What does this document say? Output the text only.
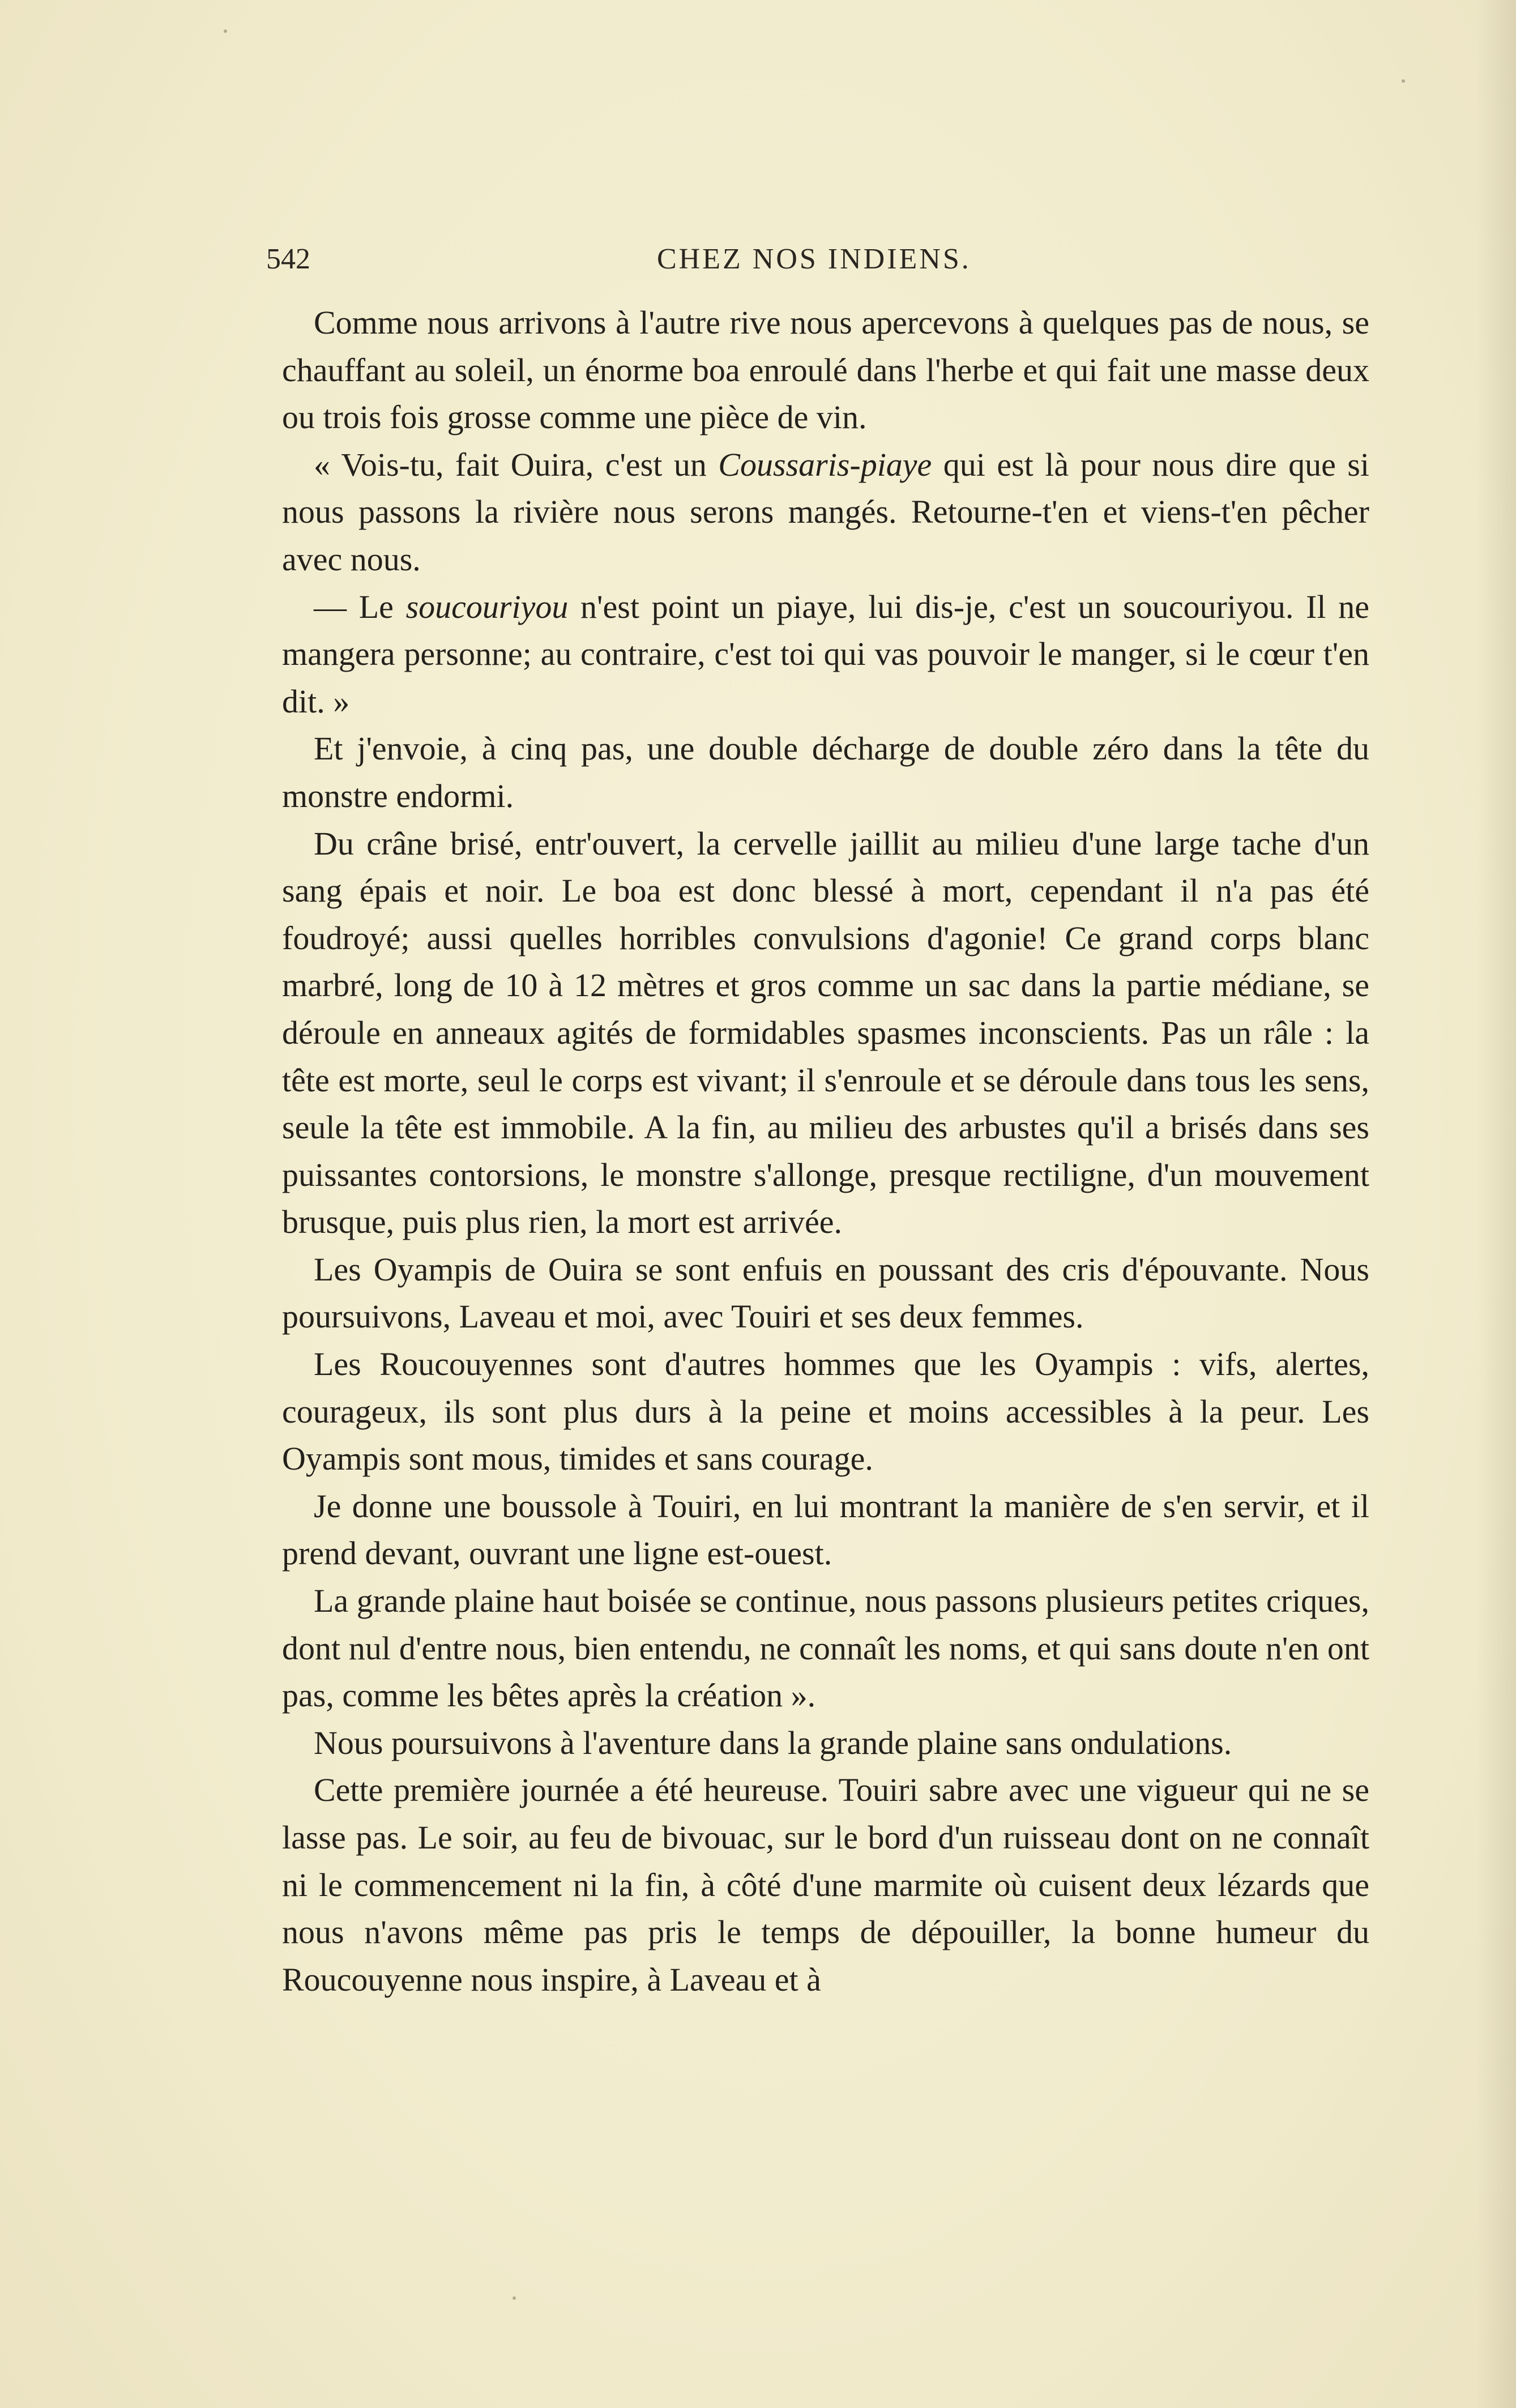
542	CHEZ NOS INDIENS.

Comme nous arrivons à l'autre rive nous apercevons à quelques pas de nous, se chauffant au soleil, un énorme boa enroulé dans l'herbe et qui fait une masse deux ou trois fois grosse comme une pièce de vin.

« Vois-tu, fait Ouira, c'est un Coussaris-piaye qui est là pour nous dire que si nous passons la rivière nous serons mangés. Retourne-t'en et viens-t'en pêcher avec nous.

— Le soucouriyou n'est point un piaye, lui dis-je, c'est un soucouriyou. Il ne mangera personne; au contraire, c'est toi qui vas pouvoir le manger, si le cœur t'en dit. »

Et j'envoie, à cinq pas, une double décharge de double zéro dans la tête du monstre endormi.

Du crâne brisé, entr'ouvert, la cervelle jaillit au milieu d'une large tache d'un sang épais et noir. Le boa est donc blessé à mort, cependant il n'a pas été foudroyé; aussi quelles horribles convulsions d'agonie! Ce grand corps blanc marbré, long de 10 à 12 mètres et gros comme un sac dans la partie médiane, se déroule en anneaux agités de formidables spasmes inconscients. Pas un râle : la tête est morte, seul le corps est vivant; il s'enroule et se déroule dans tous les sens, seule la tête est immobile. A la fin, au milieu des arbustes qu'il a brisés dans ses puissantes contorsions, le monstre s'allonge, presque rectiligne, d'un mouvement brusque, puis plus rien, la mort est arrivée.

Les Oyampis de Ouira se sont enfuis en poussant des cris d'épouvante. Nous poursuivons, Laveau et moi, avec Touiri et ses deux femmes.

Les Roucouyennes sont d'autres hommes que les Oyampis : vifs, alertes, courageux, ils sont plus durs à la peine et moins accessibles à la peur. Les Oyampis sont mous, timides et sans courage.

Je donne une boussole à Touiri, en lui montrant la manière de s'en servir, et il prend devant, ouvrant une ligne est-ouest.

La grande plaine haut boisée se continue, nous passons plusieurs petites criques, dont nul d'entre nous, bien entendu, ne connaît les noms, et qui sans doute n'en ont pas, comme les bêtes après la création ».

Nous poursuivons à l'aventure dans la grande plaine sans ondulations.

Cette première journée a été heureuse. Touiri sabre avec une vigueur qui ne se lasse pas. Le soir, au feu de bivouac, sur le bord d'un ruisseau dont on ne connaît ni le commencement ni la fin, à côté d'une marmite où cuisent deux lézards que nous n'avons même pas pris le temps de dépouiller, la bonne humeur du Roucouyenne nous inspire, à Laveau et à
